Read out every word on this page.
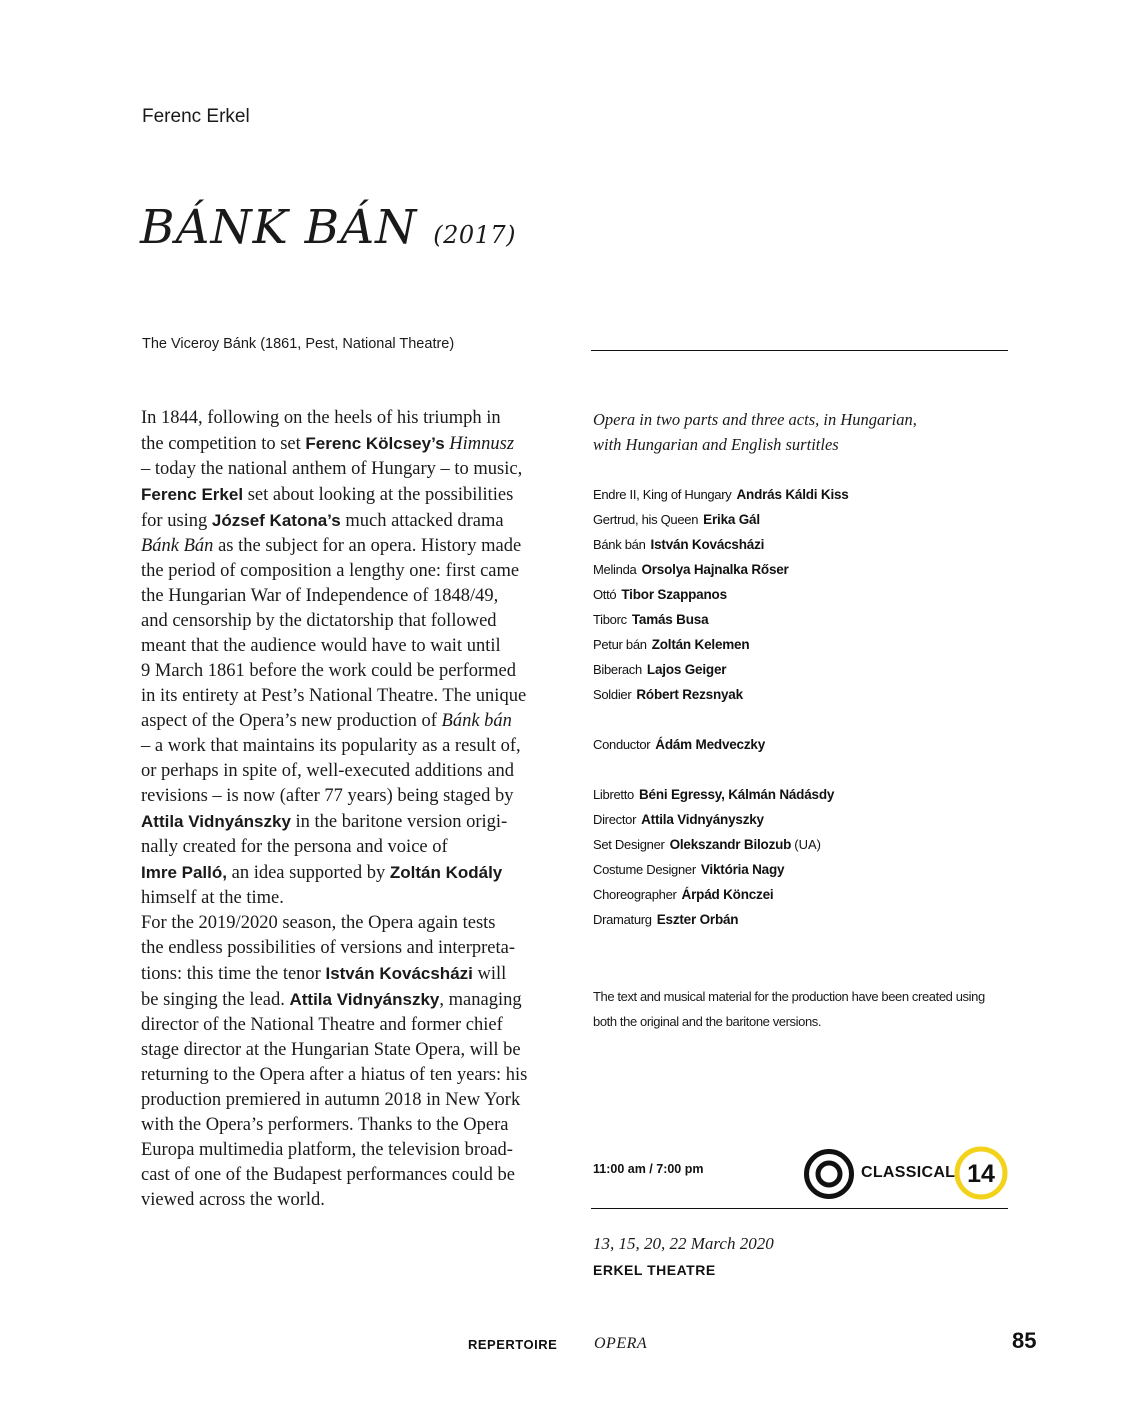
Ferenc Erkel
BÁNK BÁN (2017)
The Viceroy Bánk (1861, Pest, National Theatre)
In 1844, following on the heels of his triumph in
the competition to set Ferenc Kölcsey’s Himnusz
– today the national anthem of Hungary – to music,
Ferenc Erkel set about looking at the possibilities
for using József Katona’s much attacked drama
Bánk Bán as the subject for an opera. History made
the period of composition a lengthy one: first came
the Hungarian War of Independence of 1848/49,
and censorship by the dictatorship that followed
meant that the audience would have to wait until
9 March 1861 before the work could be performed
in its entirety at Pest’s National Theatre. The unique
aspect of the Opera’s new production of Bánk bán
– a work that maintains its popularity as a result of,
or perhaps in spite of, well-executed additions and
revisions – is now (after 77 years) being staged by
Attila Vidnyánszky in the baritone version origi-
nally created for the persona and voice of
Imre Palló, an idea supported by Zoltán Kodály
himself at the time.
For the 2019/2020 season, the Opera again tests
the endless possibilities of versions and interpreta-
tions: this time the tenor István Kovácsházi will
be singing the lead. Attila Vidnyánszky, managing
director of the National Theatre and former chief
stage director at the Hungarian State Opera, will be
returning to the Opera after a hiatus of ten years: his
production premiered in autumn 2018 in New York
with the Opera’s performers. Thanks to the Opera
Europa multimedia platform, the television broad-
cast of one of the Budapest performances could be
viewed across the world.
Opera in two parts and three acts, in Hungarian,
with Hungarian and English surtitles
Endre II, King of Hungary András Káldi Kiss
Gertrud, his Queen Erika Gál
Bánk bán István Kovácsházi
Melinda Orsolya Hajnalka Rőser
Ottó Tibor Szappanos
Tiborc Tamás Busa
Petur bán Zoltán Kelemen
Biberach Lajos Geiger
Soldier Róbert Rezsnyak
Conductor Ádám Medveczky
Libretto Béni Egressy, Kálmán Nádásdy
Director Attila Vidnyányszky
Set Designer Olekszandr Bilozub (UA)
Costume Designer Viktória Nagy
Choreographer Árpád Könczei
Dramaturg Eszter Orbán
The text and musical material for the production have been created using
both the original and the baritone versions.
11:00 am / 7:00 pm	CLASSICAL 14
13, 15, 20, 22 March 2020
ERKEL THEATRE
REPERTOIRE OPERA	85
